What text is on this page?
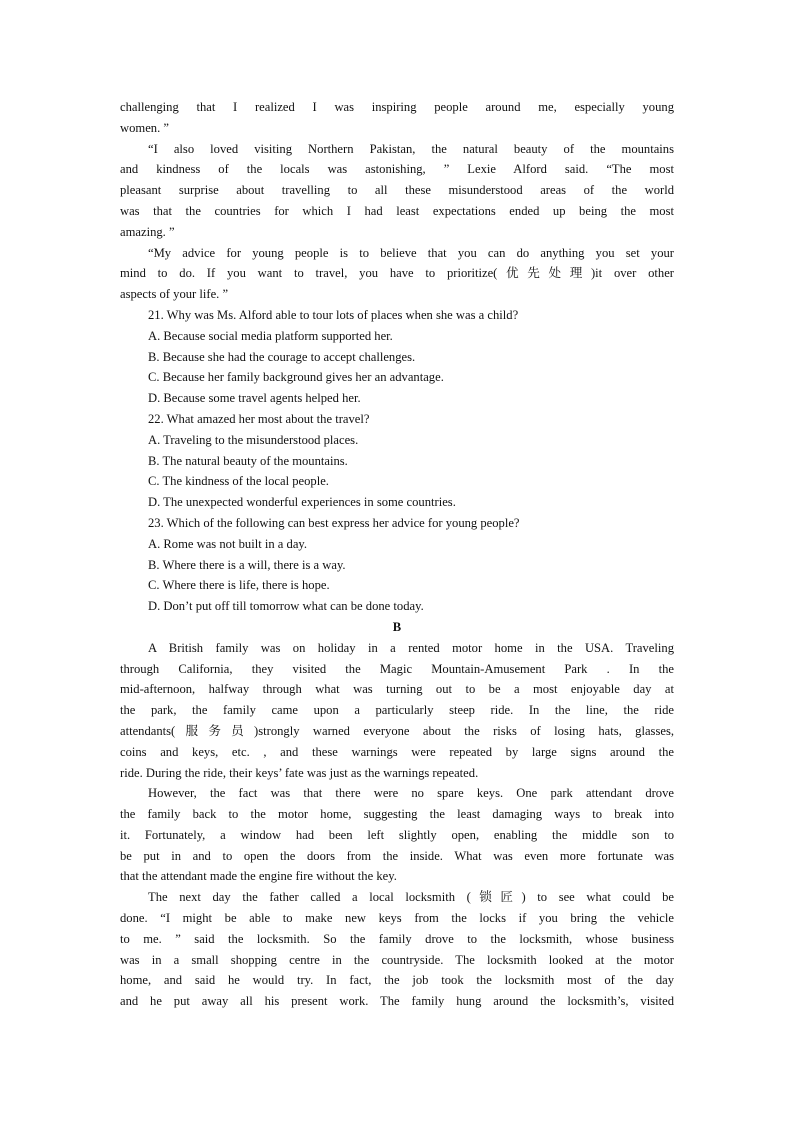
challenging that I realized I was inspiring people around me, especially young
women. ”
“I also loved visiting Northern Pakistan, the natural beauty of the mountains
and kindness of the locals was astonishing, ” Lexie Alford said. “The most
pleasant surprise about travelling to all these misunderstood areas of the world
was that the countries for which I had least expectations ended up being the most
amazing. ”
“My advice for young people is to believe that you can do anything you set your
mind to do. If you want to travel, you have to prioritize(优先处理)it over other
aspects of your life. ”
21. Why was Ms. Alford able to tour lots of places when she was a child?
A. Because social media platform supported her.
B. Because she had the courage to accept challenges.
C. Because her family background gives her an advantage.
D. Because some travel agents helped her.
22. What amazed her most about the travel?
A. Traveling to the misunderstood places.
B. The natural beauty of the mountains.
C. The kindness of the local people.
D. The unexpected wonderful experiences in some countries.
23. Which of the following can best express her advice for young people?
A. Rome was not built in a day.
B. Where there is a will, there is a way.
C. Where there is life, there is hope.
D. Don’t put off till tomorrow what can be done today.
B
A British family was on holiday in a rented motor home in the USA. Traveling
through California, they visited the Magic Mountain-Amusement Park . In the
mid-afternoon, halfway through what was turning out to be a most enjoyable day at
the park, the family came upon a particularly steep ride. In the line, the ride
attendants(服务员)strongly warned everyone about the risks of losing hats, glasses,
coins and keys, etc. , and these warnings were repeated by large signs around the
ride. During the ride, their keys’ fate was just as the warnings repeated.
However, the fact was that there were no spare keys. One park attendant drove
the family back to the motor home, suggesting the least damaging ways to break into
it. Fortunately, a window had been left slightly open, enabling the middle son to
be put in and to open the doors from the inside. What was even more fortunate was
that the attendant made the engine fire without the key.
The next day the father called a local locksmith (锁匠) to see what could be
done. “I might be able to make new keys from the locks if you bring the vehicle
to me. ” said the locksmith. So the family drove to the locksmith, whose business
was in a small shopping centre in the countryside. The locksmith looked at the motor
home, and said he would try. In fact, the job took the locksmith most of the day
and he put away all his present work. The family hung around the locksmith’s, visited
